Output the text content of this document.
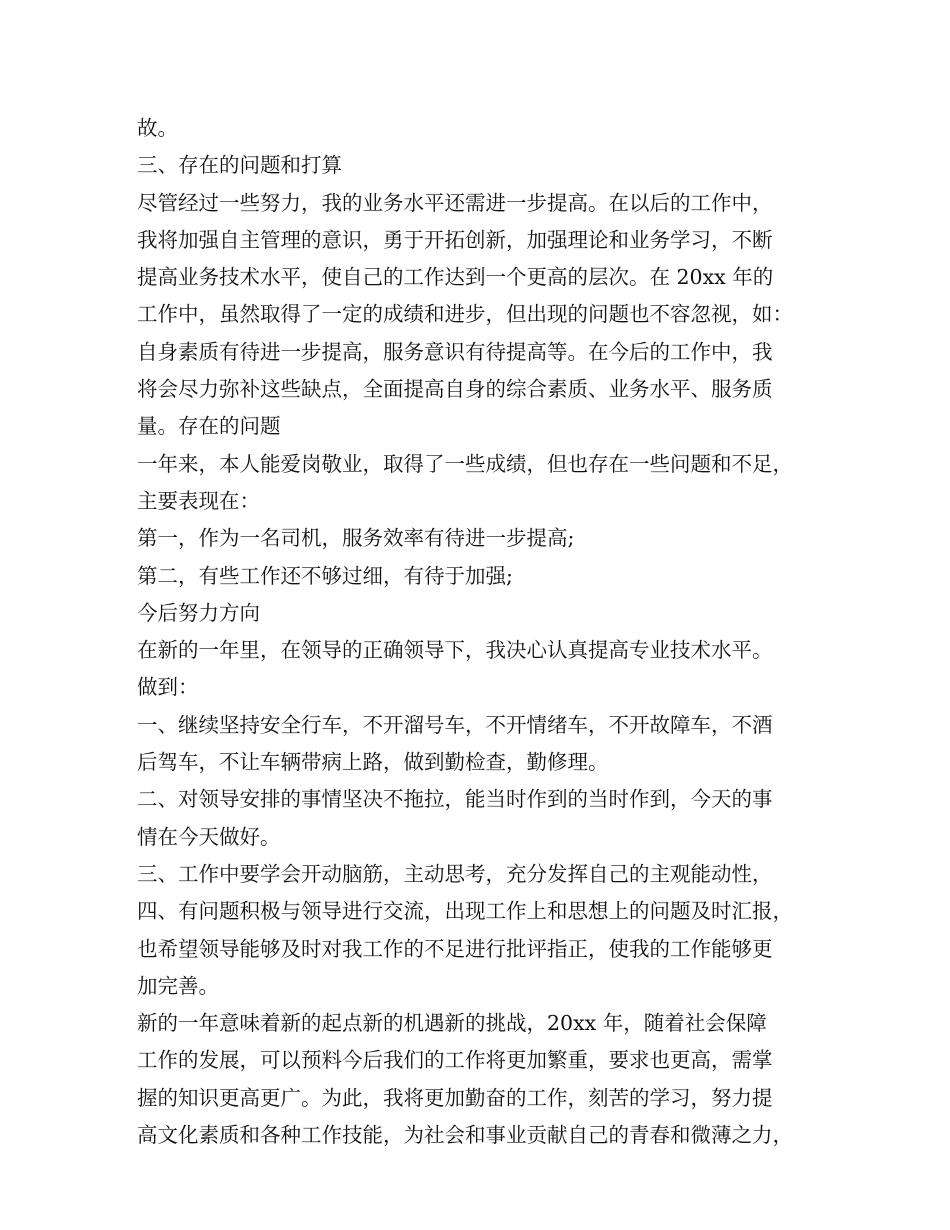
故。
三、存在的问题和打算
尽管经过一些努力，我的业务水平还需进一步提高。在以后的工作中，
我将加强自主管理的意识，勇于开拓创新，加强理论和业务学习，不断
提高业务技术水平，使自己的工作达到一个更高的层次。在 20xx 年的
工作中，虽然取得了一定的成绩和进步，但出现的问题也不容忽视，如：
自身素质有待进一步提高，服务意识有待提高等。在今后的工作中，我
将会尽力弥补这些缺点，全面提高自身的综合素质、业务水平、服务质
量。存在的问题
一年来，本人能爱岗敬业，取得了一些成绩，但也存在一些问题和不足，
主要表现在：
第一，作为一名司机，服务效率有待进一步提高;
第二，有些工作还不够过细，有待于加强;
今后努力方向
在新的一年里，在领导的正确领导下，我决心认真提高专业技术水平。
做到：
一、继续坚持安全行车，不开溜号车，不开情绪车，不开故障车，不酒
后驾车，不让车辆带病上路，做到勤检查，勤修理。
二、对领导安排的事情坚决不拖拉，能当时作到的当时作到，今天的事
情在今天做好。
三、工作中要学会开动脑筋，主动思考，充分发挥自己的主观能动性，
四、有问题积极与领导进行交流，出现工作上和思想上的问题及时汇报，
也希望领导能够及时对我工作的不足进行批评指正，使我的工作能够更
加完善。
新的一年意味着新的起点新的机遇新的挑战，20xx 年，随着社会保障
工作的发展，可以预料今后我们的工作将更加繁重，要求也更高，需掌
握的知识更高更广。为此，我将更加勤奋的工作，刻苦的学习，努力提
高文化素质和各种工作技能，为社会和事业贡献自己的青春和微薄之力，
